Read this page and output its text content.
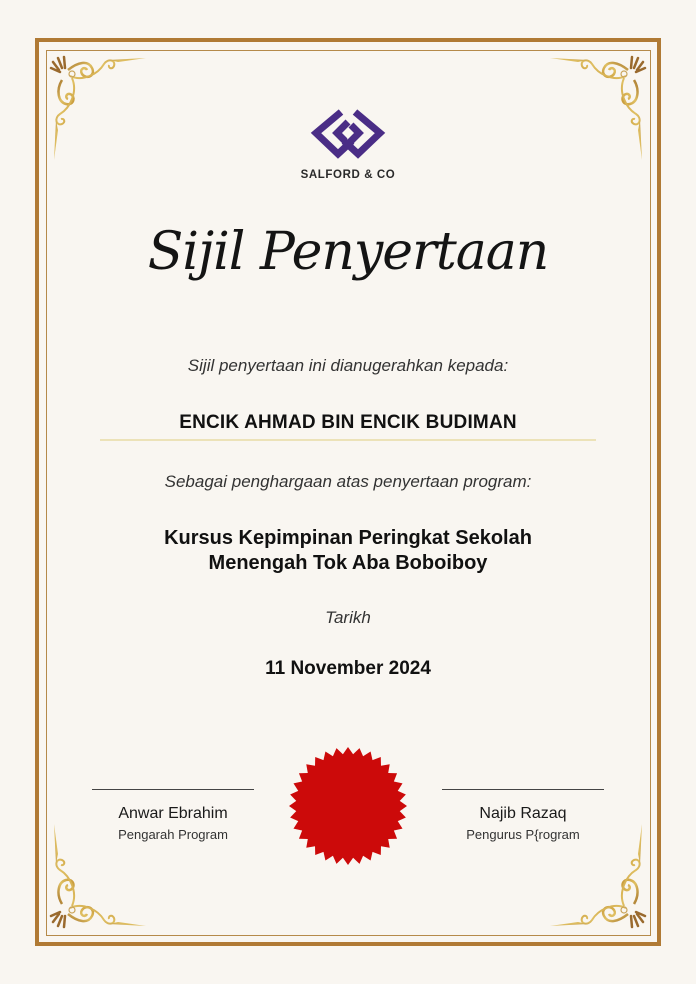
SALFORD & CO
Sijil Penyertaan
Sijil penyertaan ini dianugerahkan kepada:
ENCIK AHMAD BIN ENCIK BUDIMAN
Sebagai penghargaan atas penyertaan program:
Kursus Kepimpinan Peringkat Sekolah
Menengah Tok Aba Boboiboy
Tarikh
11 November 2024
Anwar Ebrahim
Pengarah Program
Najib Razaq
Pengurus P{rogram
